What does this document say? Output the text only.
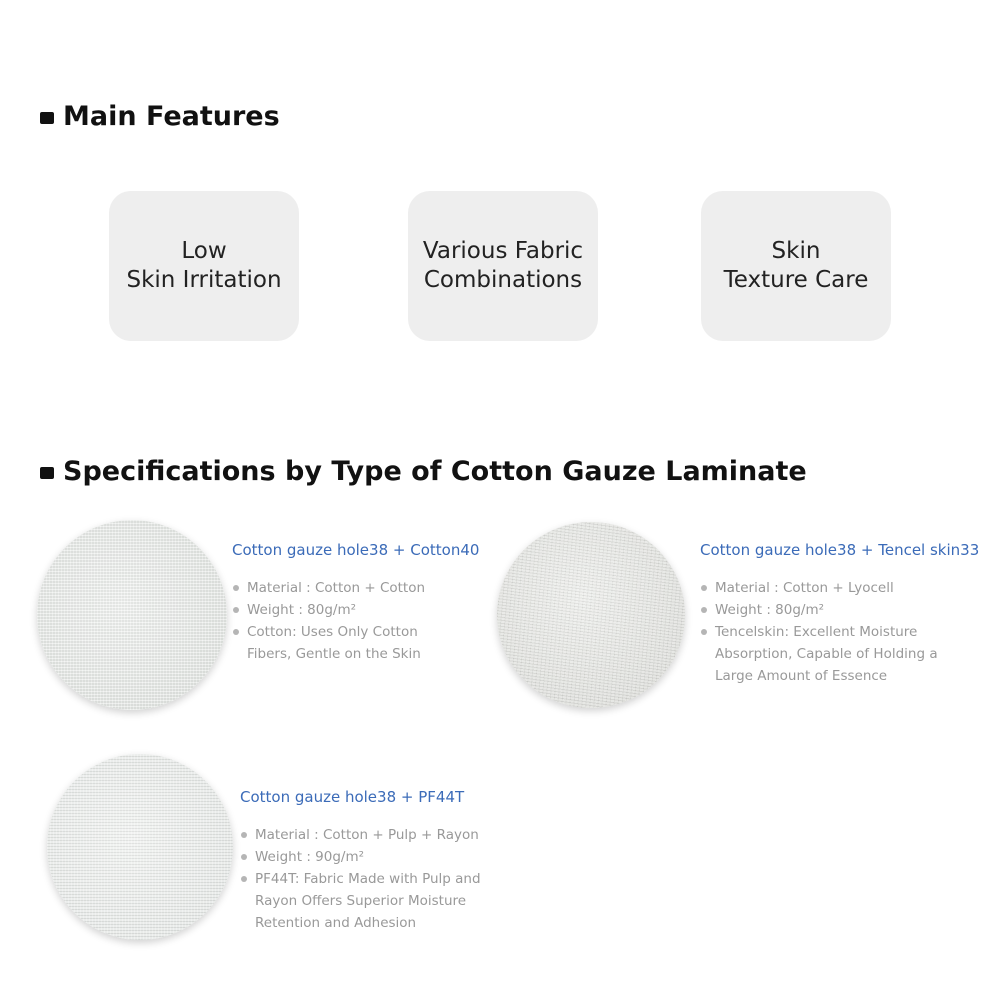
Main Features
Low
Skin Irritation
Various Fabric
Combinations
Skin
Texture Care
Specifications by Type of Cotton Gauze Laminate
Cotton gauze hole38 + Cotton40
Material : Cotton + Cotton
Weight : 80g/m²
Cotton: Uses Only Cotton
Fibers, Gentle on the Skin
Cotton gauze hole38 + Tencel skin33
Material : Cotton + Lyocell
Weight : 80g/m²
Tencelskin: Excellent Moisture
Absorption, Capable of Holding a
Large Amount of Essence
Cotton gauze hole38 + PF44T
Material : Cotton + Pulp + Rayon
Weight : 90g/m²
PF44T: Fabric Made with Pulp and
Rayon Offers Superior Moisture
Retention and Adhesion
